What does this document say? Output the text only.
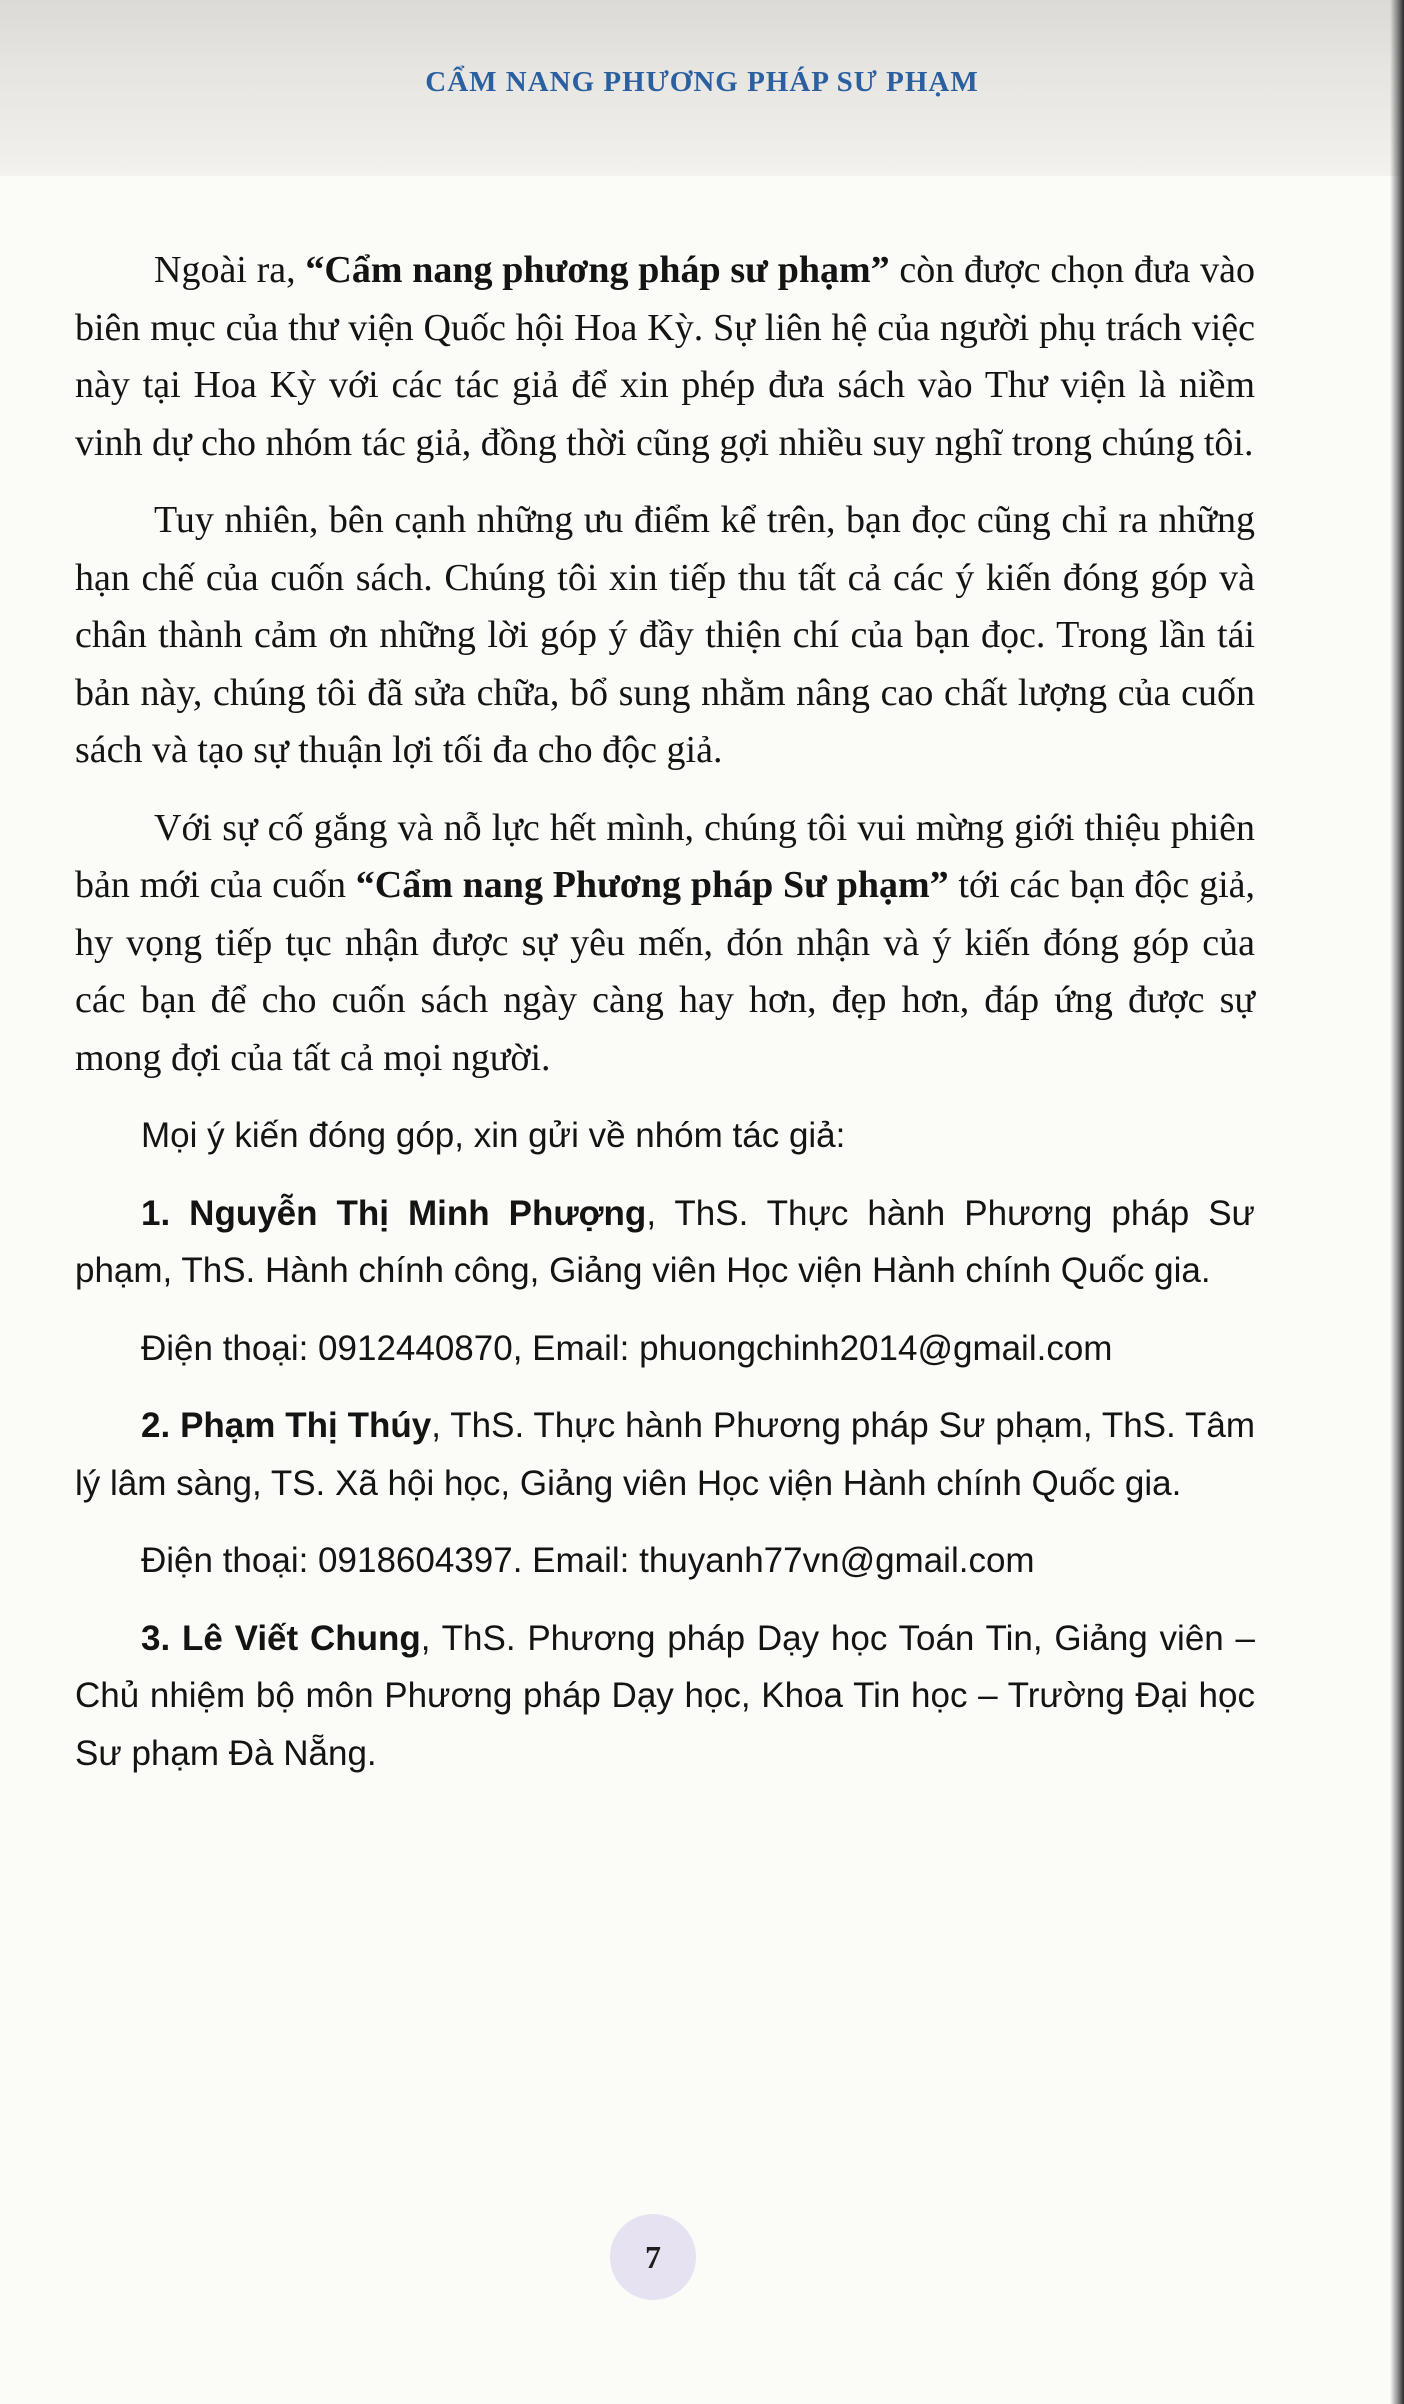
CẨM NANG PHƯƠNG PHÁP SƯ PHẠM

Ngoài ra, “Cẩm nang phương pháp sư phạm” còn được chọn đưa vào biên mục của thư viện Quốc hội Hoa Kỳ. Sự liên hệ của người phụ trách việc này tại Hoa Kỳ với các tác giả để xin phép đưa sách vào Thư viện là niềm vinh dự cho nhóm tác giả, đồng thời cũng gợi nhiều suy nghĩ trong chúng tôi.

Tuy nhiên, bên cạnh những ưu điểm kể trên, bạn đọc cũng chỉ ra những hạn chế của cuốn sách. Chúng tôi xin tiếp thu tất cả các ý kiến đóng góp và chân thành cảm ơn những lời góp ý đầy thiện chí của bạn đọc. Trong lần tái bản này, chúng tôi đã sửa chữa, bổ sung nhằm nâng cao chất lượng của cuốn sách và tạo sự thuận lợi tối đa cho độc giả.

Với sự cố gắng và nỗ lực hết mình, chúng tôi vui mừng giới thiệu phiên bản mới của cuốn “Cẩm nang Phương pháp Sư phạm” tới các bạn độc giả, hy vọng tiếp tục nhận được sự yêu mến, đón nhận và ý kiến đóng góp của các bạn để cho cuốn sách ngày càng hay hơn, đẹp hơn, đáp ứng được sự mong đợi của tất cả mọi người.

Mọi ý kiến đóng góp, xin gửi về nhóm tác giả:

1. Nguyễn Thị Minh Phượng, ThS. Thực hành Phương pháp Sư phạm, ThS. Hành chính công, Giảng viên Học viện Hành chính Quốc gia.

Điện thoại: 0912440870, Email: phuongchinh2014@gmail.com

2. Phạm Thị Thúy, ThS. Thực hành Phương pháp Sư phạm, ThS. Tâm lý lâm sàng, TS. Xã hội học, Giảng viên Học viện Hành chính Quốc gia.

Điện thoại: 0918604397. Email: thuyanh77vn@gmail.com

3. Lê Viết Chung, ThS. Phương pháp Dạy học Toán Tin, Giảng viên – Chủ nhiệm bộ môn Phương pháp Dạy học, Khoa Tin học – Trường Đại học Sư phạm Đà Nẵng.

7
